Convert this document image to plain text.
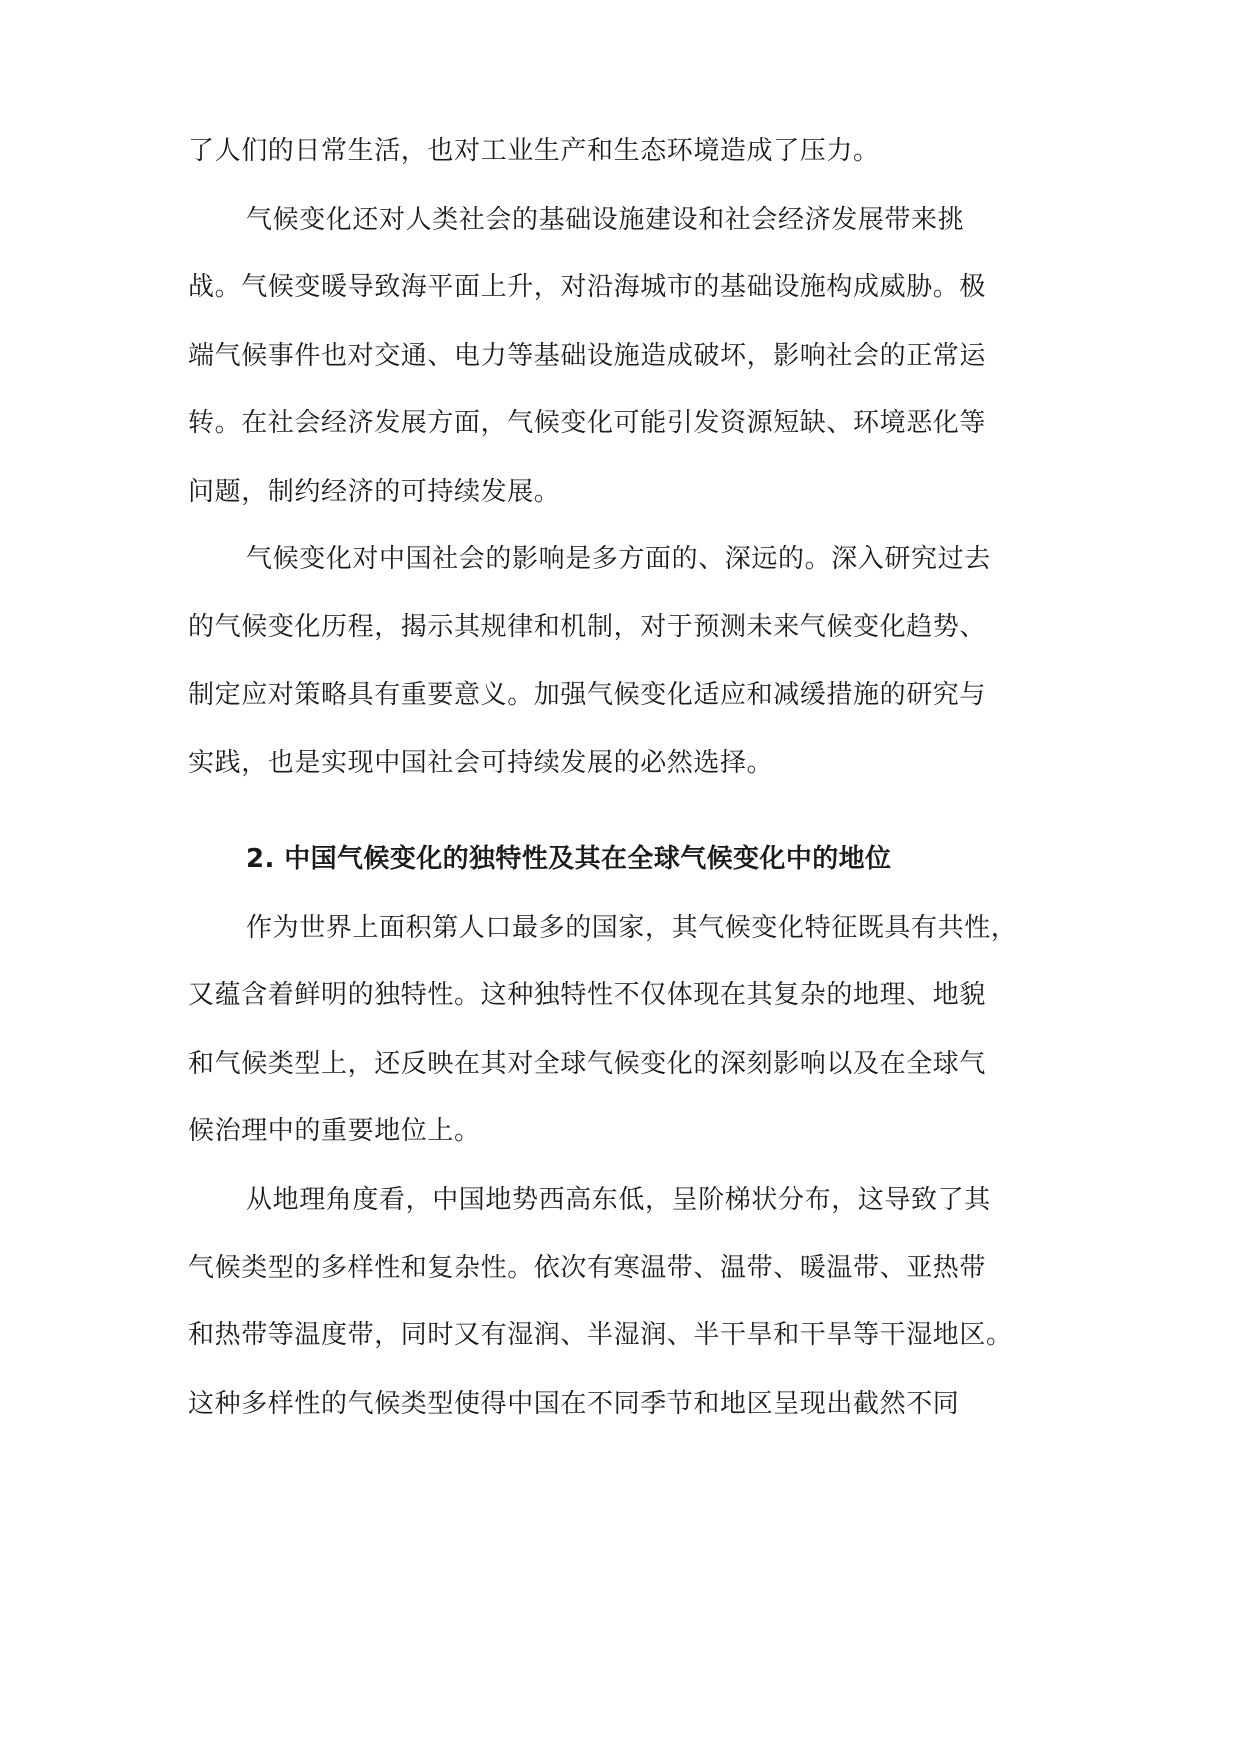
了人们的日常生活，也对工业生产和生态环境造成了压力。
气候变化还对人类社会的基础设施建设和社会经济发展带来挑
战。气候变暖导致海平面上升，对沿海城市的基础设施构成威胁。极
端气候事件也对交通、电力等基础设施造成破坏，影响社会的正常运
转。在社会经济发展方面，气候变化可能引发资源短缺、环境恶化等
问题，制约经济的可持续发展。
气候变化对中国社会的影响是多方面的、深远的。深入研究过去
的气候变化历程，揭示其规律和机制，对于预测未来气候变化趋势、
制定应对策略具有重要意义。加强气候变化适应和减缓措施的研究与
实践，也是实现中国社会可持续发展的必然选择。
2. 中国气候变化的独特性及其在全球气候变化中的地位
作为世界上面积第人口最多的国家，其气候变化特征既具有共性，
又蕴含着鲜明的独特性。这种独特性不仅体现在其复杂的地理、地貌
和气候类型上，还反映在其对全球气候变化的深刻影响以及在全球气
候治理中的重要地位上。
从地理角度看，中国地势西高东低，呈阶梯状分布，这导致了其
气候类型的多样性和复杂性。依次有寒温带、温带、暖温带、亚热带
和热带等温度带，同时又有湿润、半湿润、半干旱和干旱等干湿地区。
这种多样性的气候类型使得中国在不同季节和地区呈现出截然不同
